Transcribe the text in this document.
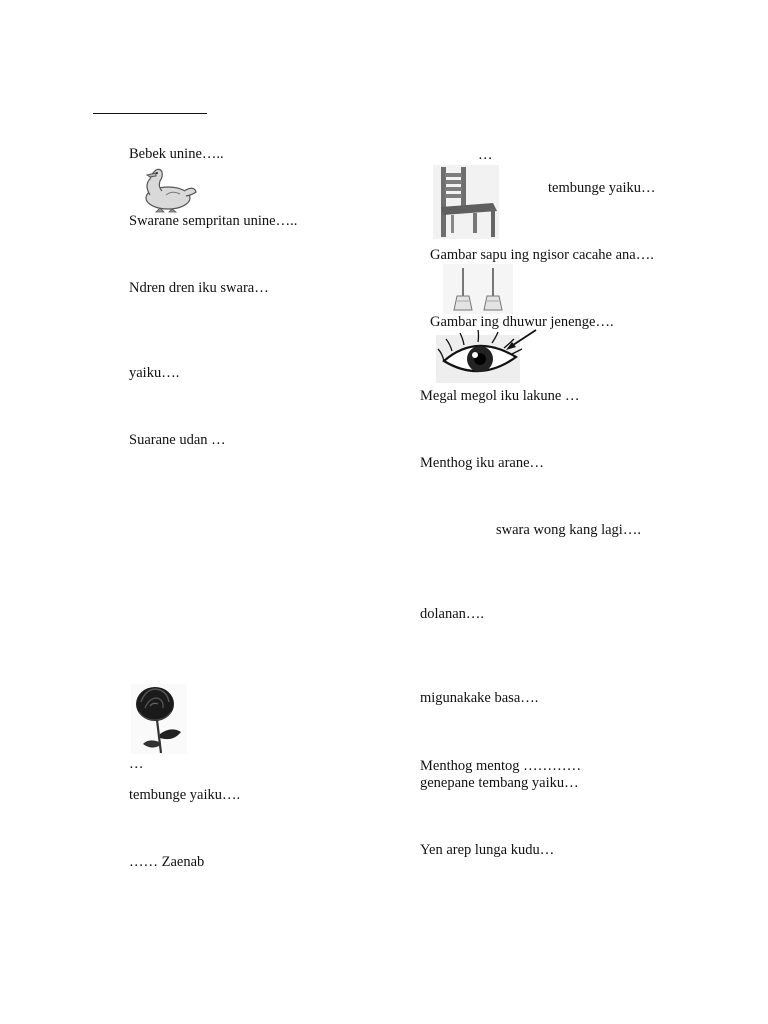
Bebek unine…..

Swarane sempritan unine…..

Ndren dren iku swara…

yaiku….

Suarane udan …

…

tembunge yaiku….

…… Zaenab

…

tembunge yaiku…

Gambar sapu ing ngisor cacahe ana….

Gambar ing dhuwur jenenge….

Megal megol iku lakune …

Menthog iku arane…

swara wong kang lagi….

dolanan….

migunakake basa….

Menthog mentog …………

genepane tembang yaiku…

Yen arep lunga kudu…
